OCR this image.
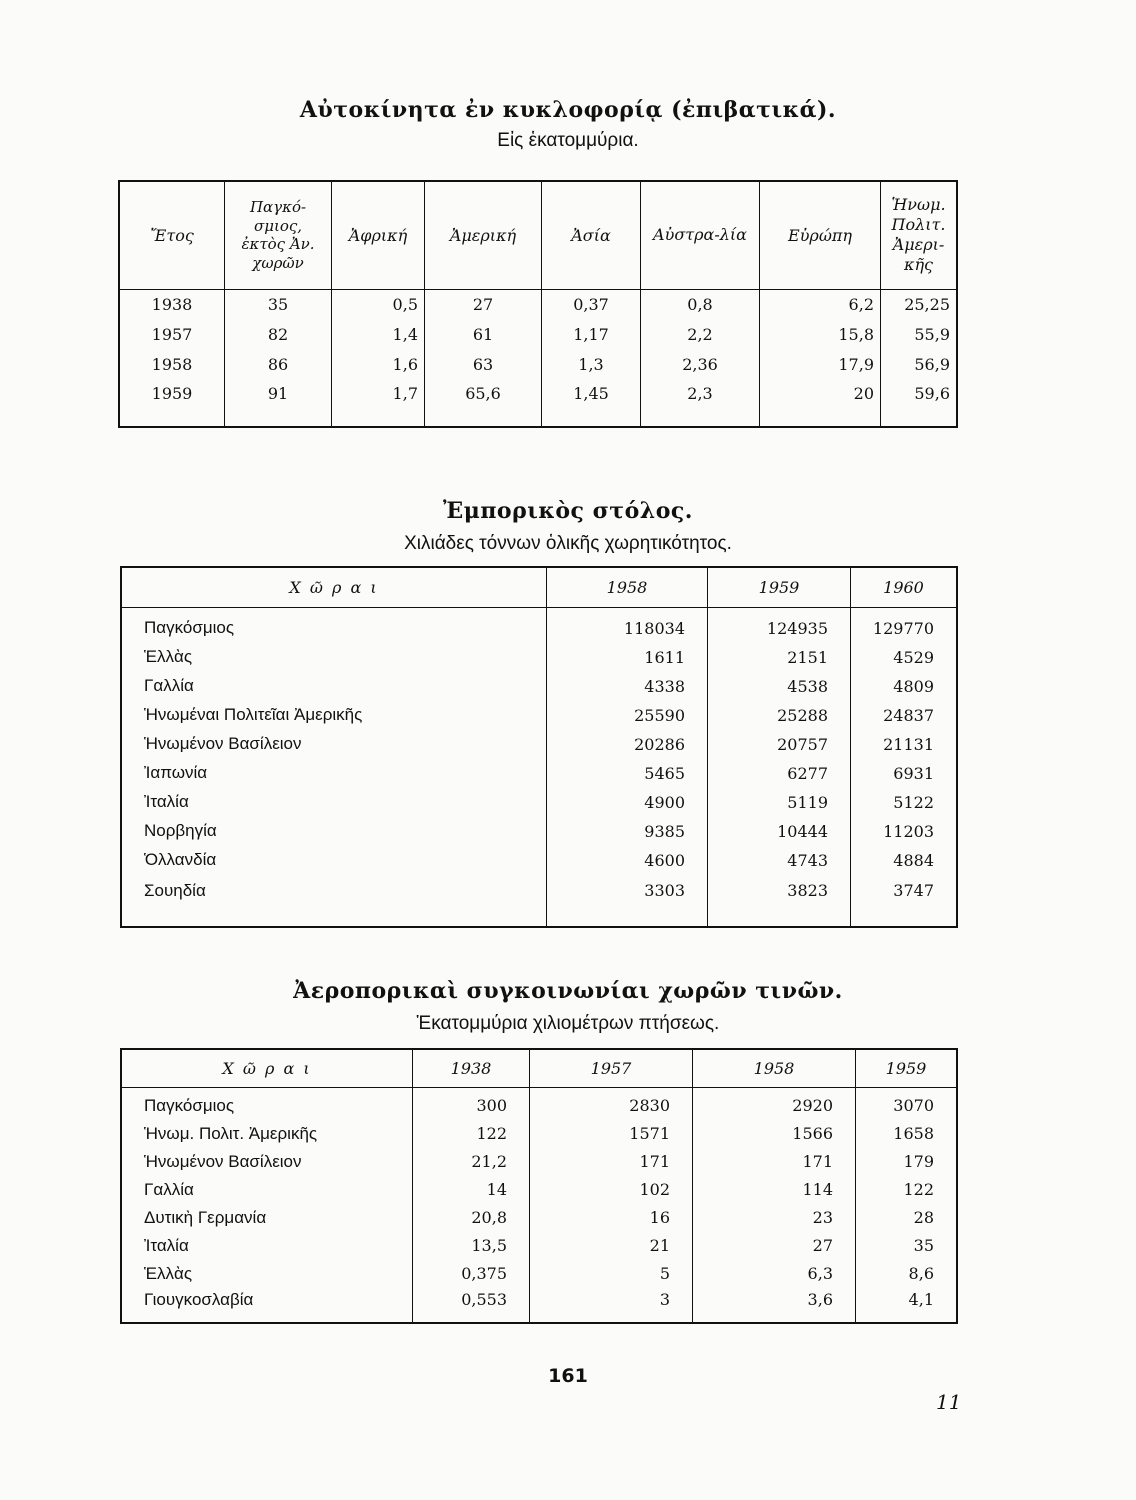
Αὐτοκίνητα ἐν κυκλοφορίᾳ (ἐπιβατικά).
Εἰς ἑκατομμύρια.
Ἔτος	Παγκό-σμιος, ἐκτὸς Ἀν. χωρῶν	Ἀφρική	Ἀμερική	Ἀσία	Αὐστρα-λία	Εὐρώπη	Ἡνωμ. Πολιτ. Ἀμερι-κῆς
1938	35	0,5	27	0,37	0,8	6,2	25,25
1957	82	1,4	61	1,17	2,2	15,8	55,9
1958	86	1,6	63	1,3	2,36	17,9	56,9
1959	91	1,7	65,6	1,45	2,3	20	59,6
Ἐμπορικὸς στόλος.
Χιλιάδες τόννων ὁλικῆς χωρητικότητος.
Χ ῶ ρ α ι	1958	1959	1960
Παγκόσμιος	118034	124935	129770
Ἑλλὰς	1611	2151	4529
Γαλλία	4338	4538	4809
Ἡνωμέναι Πολιτεῖαι Ἀμερικῆς	25590	25288	24837
Ἡνωμένον Βασίλειον	20286	20757	21131
Ἰαπωνία	5465	6277	6931
Ἰταλία	4900	5119	5122
Νορβηγία	9385	10444	11203
Ὁλλανδία	4600	4743	4884
Σουηδία	3303	3823	3747
Ἀεροπορικαὶ συγκοινωνίαι χωρῶν τινῶν.
Ἑκατομμύρια χιλιομέτρων πτήσεως.
Χ ῶ ρ α ι	1938	1957	1958	1959
Παγκόσμιος	300	2830	2920	3070
Ἡνωμ. Πολιτ. Ἀμερικῆς	122	1571	1566	1658
Ἡνωμένον Βασίλειον	21,2	171	171	179
Γαλλία	14	102	114	122
Δυτικὴ Γερμανία	20,8	16	23	28
Ἰταλία	13,5	21	27	35
Ἑλλὰς	0,375	5	6,3	8,6
Γιουγκοσλαβία	0,553	3	3,6	4,1
161
11
